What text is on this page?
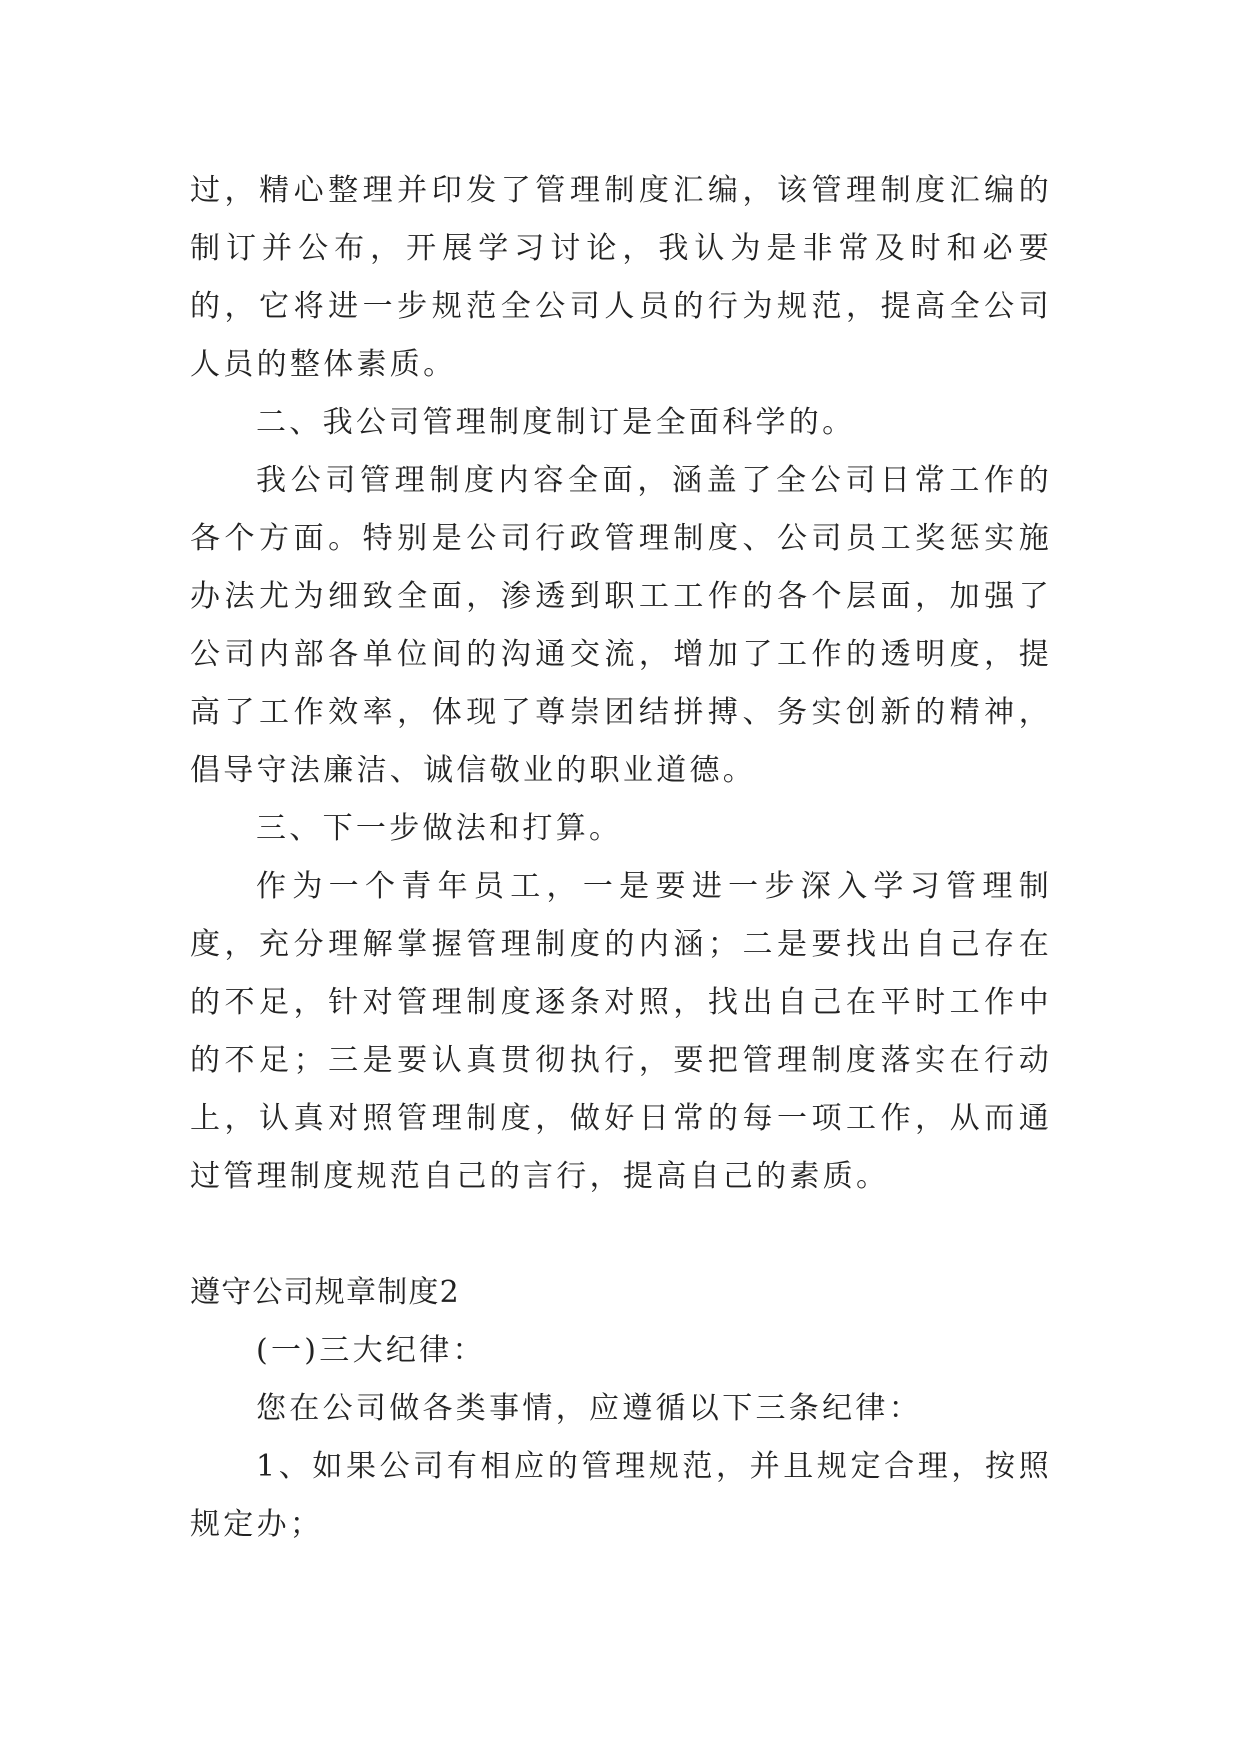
过，精心整理并印发了管理制度汇编，该管理制度汇编的制订并公布，开展学习讨论，我认为是非常及时和必要的，它将进一步规范全公司人员的行为规范，提高全公司人员的整体素质。

二、我公司管理制度制订是全面科学的。

我公司管理制度内容全面，涵盖了全公司日常工作的各个方面。特别是公司行政管理制度、公司员工奖惩实施办法尤为细致全面，渗透到职工工作的各个层面，加强了公司内部各单位间的沟通交流，增加了工作的透明度，提高了工作效率，体现了尊崇团结拼搏、务实创新的精神，倡导守法廉洁、诚信敬业的职业道德。

三、下一步做法和打算。

作为一个青年员工，一是要进一步深入学习管理制度，充分理解掌握管理制度的内涵；二是要找出自己存在的不足，针对管理制度逐条对照，找出自己在平时工作中的不足；三是要认真贯彻执行，要把管理制度落实在行动上，认真对照管理制度，做好日常的每一项工作，从而通过管理制度规范自己的言行，提高自己的素质。

遵守公司规章制度2

(一)三大纪律：

您在公司做各类事情，应遵循以下三条纪律：

1、如果公司有相应的管理规范，并且规定合理，按照规定办；
